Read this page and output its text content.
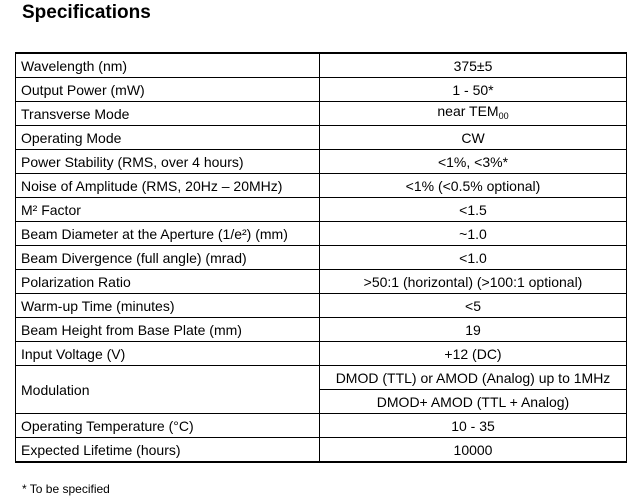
Specifications
Wavelength (nm)	375±5
Output Power (mW)	1 - 50*
Transverse Mode	near $TEM_{00}$
Operating Mode	CW
Power Stability (RMS, over 4 hours)	<1%, <3%*
Noise of Amplitude (RMS, 20Hz – 20MHz)	<1% (<0.5% optional)
M² Factor	<1.5
Beam Diameter at the Aperture (1/e²) (mm)	~1.0
Beam Divergence (full angle) (mrad)	<1.0
Polarization Ratio	>50:1 (horizontal) (>100:1 optional)
Warm-up Time (minutes)	<5
Beam Height from Base Plate (mm)	19
Input Voltage (V)	+12 (DC)
Modulation	DMOD (TTL) or AMOD (Analog) up to 1MHz
	DMOD+ AMOD (TTL + Analog)
Operating Temperature (°C)	10 - 35
Expected Lifetime (hours)	10000
* To be specified
